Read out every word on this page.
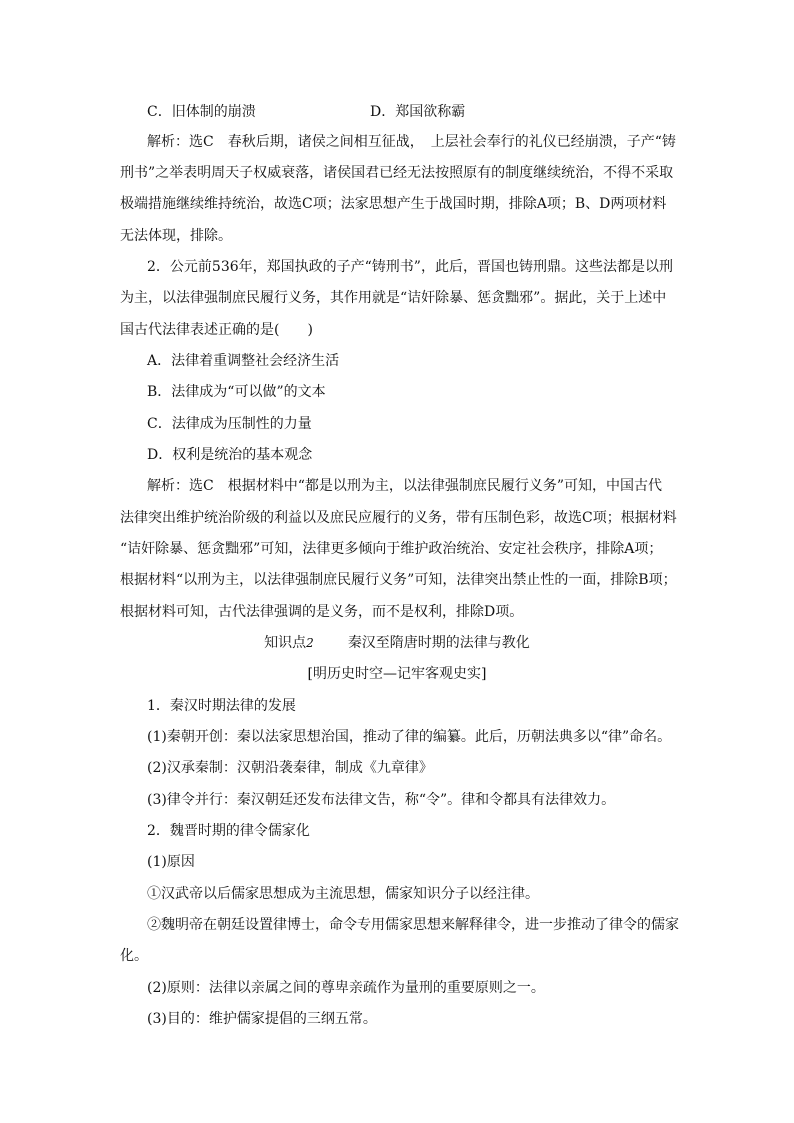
C．旧体制的崩溃	D．郑国欲称霸
解析：选C　春秋后期，诸侯之间相互征战，　上层社会奉行的礼仪已经崩溃，子产“铸
刑书”之举表明周天子权威衰落，诸侯国君已经无法按照原有的制度继续统治，不得不采取
极端措施继续维持统治，故选C项；法家思想产生于战国时期，排除A项；B、D两项材料
无法体现，排除。
2．公元前536年，郑国执政的子产“铸刑书”，此后，晋国也铸刑鼎。这些法都是以刑
为主，以法律强制庶民履行义务，其作用就是“诘奸除暴、惩贪黜邪”。据此，关于上述中
国古代法律表述正确的是(　　)
A．法律着重调整社会经济生活
B．法律成为“可以做”的文本
C．法律成为压制性的力量
D．权利是统治的基本观念
解析：选C　根据材料中“都是以刑为主，以法律强制庶民履行义务”可知，中国古代
法律突出维护统治阶级的利益以及庶民应履行的义务，带有压制色彩，故选C项；根据材料
“诘奸除暴、惩贪黜邪”可知，法律更多倾向于维护政治统治、安定社会秩序，排除A项；
根据材料“以刑为主，以法律强制庶民履行义务”可知，法律突出禁止性的一面，排除B项；
根据材料可知，古代法律强调的是义务，而不是权利，排除D项。
知识点2 秦汉至隋唐时期的法律与教化
[明历史时空—记牢客观史实]
1．秦汉时期法律的发展
(1)秦朝开创：秦以法家思想治国，推动了律的编纂。此后，历朝法典多以“律”命名。
(2)汉承秦制：汉朝沿袭秦律，制成《九章律》
(3)律令并行：秦汉朝廷还发布法律文告，称“令”。律和令都具有法律效力。
2．魏晋时期的律令儒家化
(1)原因
①汉武帝以后儒家思想成为主流思想，儒家知识分子以经注律。
②魏明帝在朝廷设置律博士，命令专用儒家思想来解释律令，进一步推动了律令的儒家
化。
(2)原则：法律以亲属之间的尊卑亲疏作为量刑的重要原则之一。
(3)目的：维护儒家提倡的三纲五常。
